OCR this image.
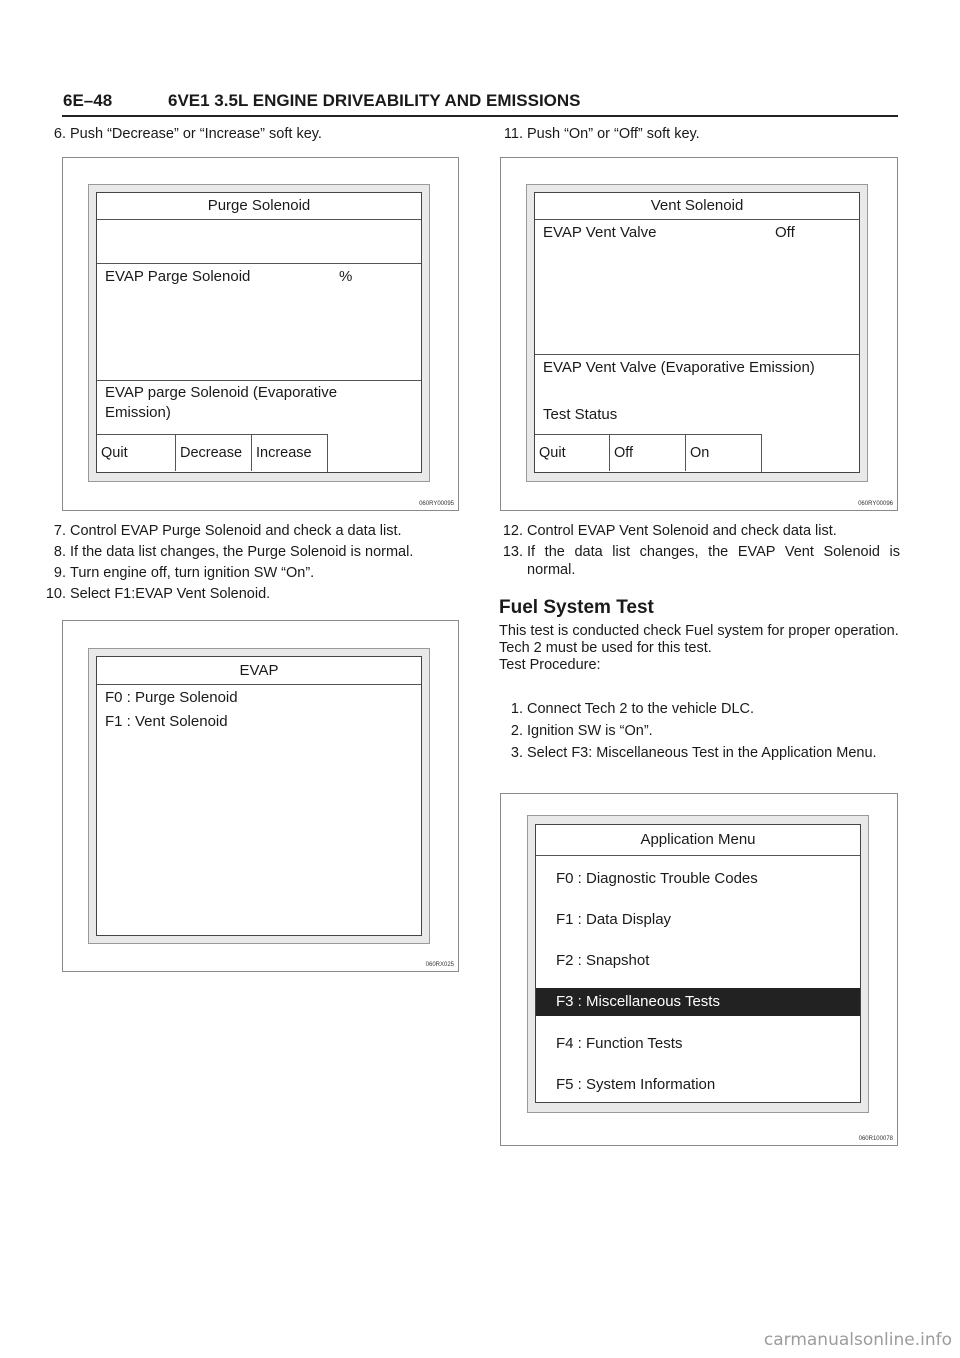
6E–48	6VE1 3.5L ENGINE DRIVEABILITY AND EMISSIONS
6. Push “Decrease” or “Increase” soft key.
Purge Solenoid
EVAP Parge Solenoid	%
EVAP parge Solenoid (Evaporative
Emission)
Quit	Decrease Increase
060RY00095
7. Control EVAP Purge Solenoid and check a data list.
8. If the data list changes, the Purge Solenoid is normal.
9. Turn engine off, turn ignition SW “On”.
10. Select F1:EVAP Vent Solenoid.
EVAP
F0 : Purge Solenoid
F1 : Vent Solenoid
060RX025
11. Push “On” or “Off” soft key.
Vent Solenoid
EVAP Vent Valve	Off
EVAP Vent Valve (Evaporative Emission)
Test Status
Quit	Off	On
060RY00096
12. Control EVAP Vent Solenoid and check data list.
13. If the data list changes, the EVAP Vent Solenoid is normal.
Fuel System Test
This test is conducted check Fuel system for proper operation.
Tech 2 must be used for this test.
Test Procedure:
1. Connect Tech 2 to the vehicle DLC.
2. Ignition SW is “On”.
3. Select F3: Miscellaneous Test in the Application Menu.
Application Menu
F0 : Diagnostic Trouble Codes
F1 : Data Display
F2 : Snapshot
F3 : Miscellaneous Tests
F4 : Function Tests
F5 : System Information
060R100078
carmanualsonline.info
